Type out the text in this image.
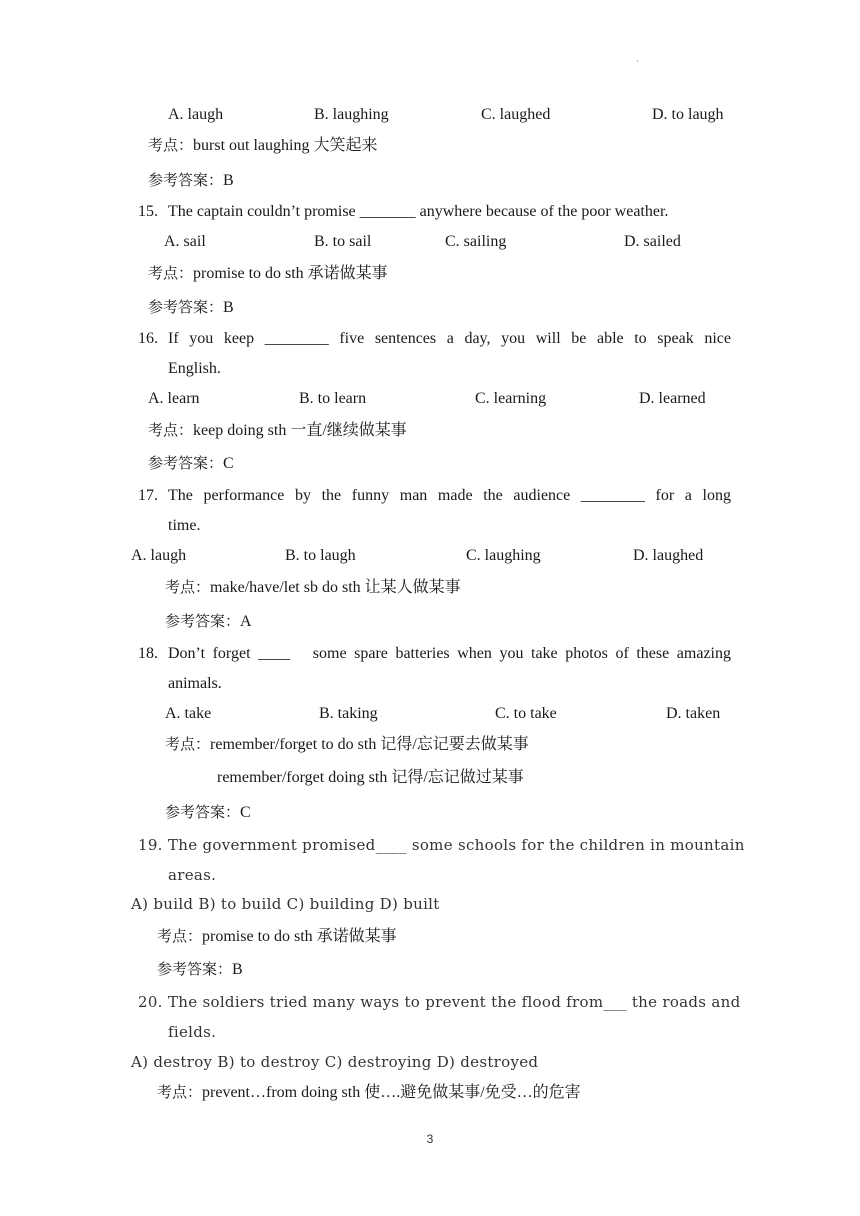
·
A. laugh	B. laughing	C. laughed	D. to laugh
考点：burst out laughing 大笑起来
参考答案：B
15. The captain couldn’t promise _______ anywhere because of the poor weather.
A. sail	B. to sail	C. sailing	D. sailed
考点：promise to do sth 承诺做某事
参考答案：B
16. If you keep ________ five sentences a day, you will be able to speak nice
English.
A. learn	B. to learn	C. learning	D. learned
考点：keep doing sth 一直/继续做某事
参考答案：C
17. The performance by the funny man made the audience ________ for a long
time.
A. laugh	B. to laugh	C. laughing	D. laughed
考点：make/have/let sb do sth 让某人做某事
参考答案：A
18. Don’t forget ____   some spare batteries when you take photos of these amazing
animals.
A. take	B. taking	C. to take	D. taken
考点：remember/forget to do sth 记得/忘记要去做某事
remember/forget doing sth 记得/忘记做过某事
参考答案：C
19. The government promised____ some schools for the children in mountain
areas.
A) build B) to build C) building D) built
考点：promise to do sth 承诺做某事
参考答案：B
20. The soldiers tried many ways to prevent the flood from___ the roads and
fields.
A) destroy B) to destroy C) destroying D) destroyed
考点：prevent…from doing sth 使….避免做某事/免受…的危害
3
